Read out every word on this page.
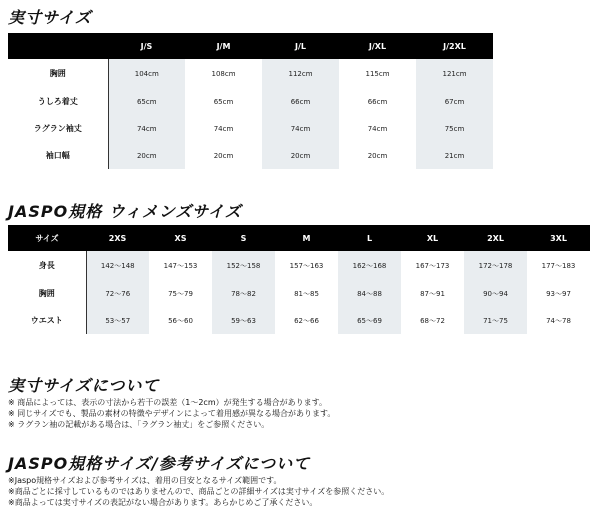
実寸サイズ
	J/S	J/M	J/L	J/XL	J/2XL
胸囲	104cm	108cm	112cm	115cm	121cm
うしろ着丈	65cm	65cm	66cm	66cm	67cm
ラグラン袖丈	74cm	74cm	74cm	74cm	75cm
袖口幅	20cm	20cm	20cm	20cm	21cm
JASPO規格 ウィメンズサイズ
サイズ	2XS	XS	S	M	L	XL	2XL	3XL
身長	142〜148	147〜153	152〜158	157〜163	162〜168	167〜173	172〜178	177〜183
胸囲	72〜76	75〜79	78〜82	81〜85	84〜88	87〜91	90〜94	93〜97
ウエスト	53〜57	56〜60	59〜63	62〜66	65〜69	68〜72	71〜75	74〜78
実寸サイズについて
※ 商品によっては、表示の寸法から若干の誤差（1〜2cm）が発生する場合があります。
※ 同じサイズでも、製品の素材の特徴やデザインによって着用感が異なる場合があります。
※ ラグラン袖の記載がある場合は、「ラグラン袖丈」をご参照ください。
JASPO規格サイズ/参考サイズについて
※Jaspo規格サイズおよび参考サイズは、着用の目安となるサイズ範囲です。
※商品ごとに採寸しているものではありませんので、商品ごとの詳細サイズは実寸サイズを参照ください。
※商品よっては実寸サイズの表記がない場合があります。あらかじめご了承ください。
